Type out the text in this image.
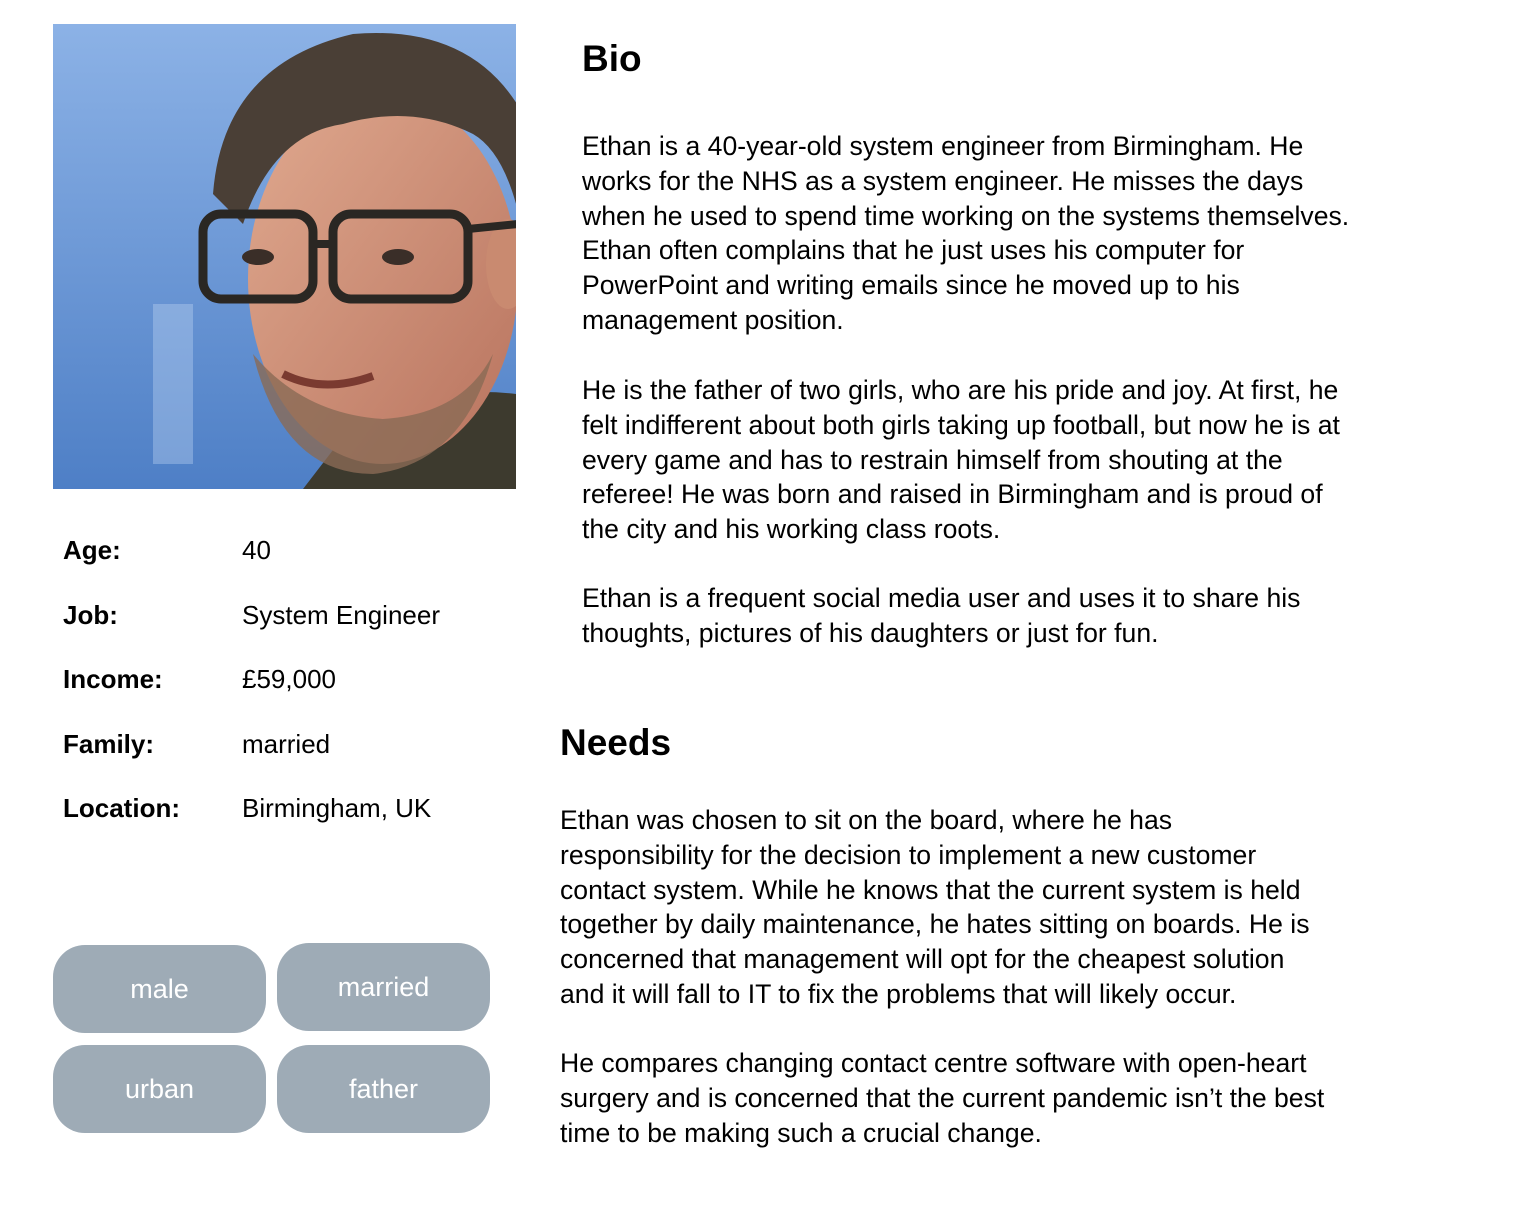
Age:	40
Job:	System Engineer
Income:	£59,000
Family:	married
Location: Birmingham, UK
male	married
urban	father
Bio

Ethan is a 40-year-old system engineer from Birmingham. He
works for the NHS as a system engineer. He misses the days
when he used to spend time working on the systems themselves.
Ethan often complains that he just uses his computer for
PowerPoint and writing emails since he moved up to his
management position.

He is the father of two girls, who are his pride and joy. At first, he
felt indifferent about both girls taking up football, but now he is at
every game and has to restrain himself from shouting at the
referee! He was born and raised in Birmingham and is proud of
the city and his working class roots.

Ethan is a frequent social media user and uses it to share his
thoughts, pictures of his daughters or just for fun.

Needs

Ethan was chosen to sit on the board, where he has
responsibility for the decision to implement a new customer
contact system. While he knows that the current system is held
together by daily maintenance, he hates sitting on boards. He is
concerned that management will opt for the cheapest solution
and it will fall to IT to fix the problems that will likely occur.

He compares changing contact centre software with open-heart
surgery and is concerned that the current pandemic isn’t the best
time to be making such a crucial change.
